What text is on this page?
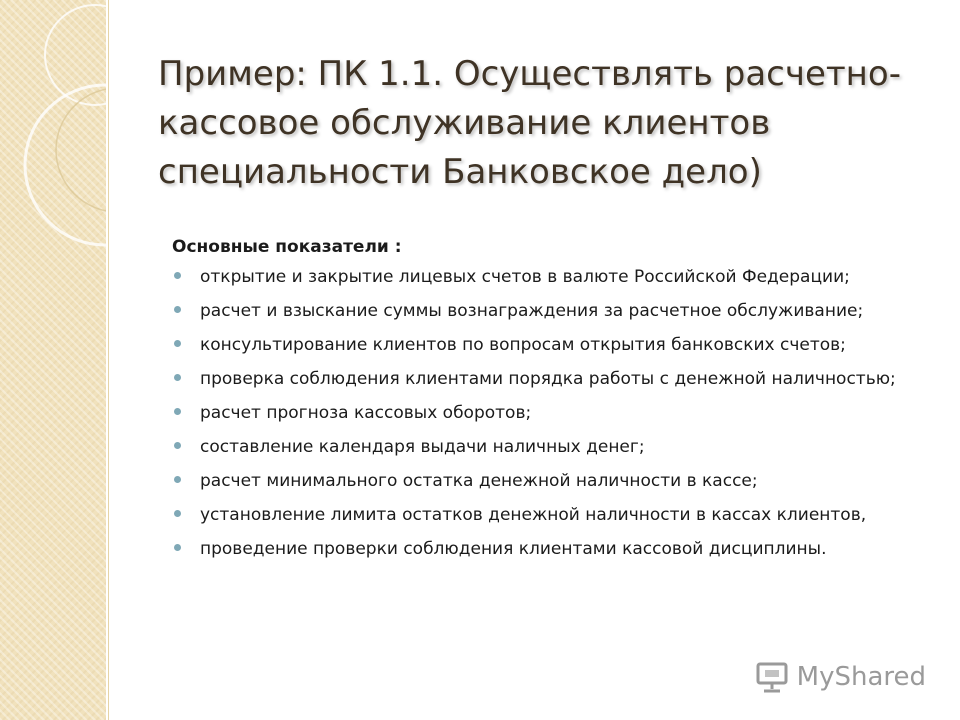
Пример: ПК 1.1. Осуществлять расчетно-кассовое обслуживание клиентов специальности Банковское дело)
Основные показатели :
открытие и закрытие лицевых счетов в валюте Российской Федерации;
расчет и взыскание суммы вознаграждения за расчетное обслуживание;
консультирование клиентов по вопросам открытия банковских счетов;
проверка соблюдения клиентами порядка работы с денежной наличностью;
расчет прогноза кассовых оборотов;
составление календаря выдачи наличных денег;
расчет минимального остатка денежной наличности в кассе;
установление лимита остатков денежной наличности в кассах клиентов,
проведение проверки соблюдения клиентами кассовой дисциплины.
MyShared
